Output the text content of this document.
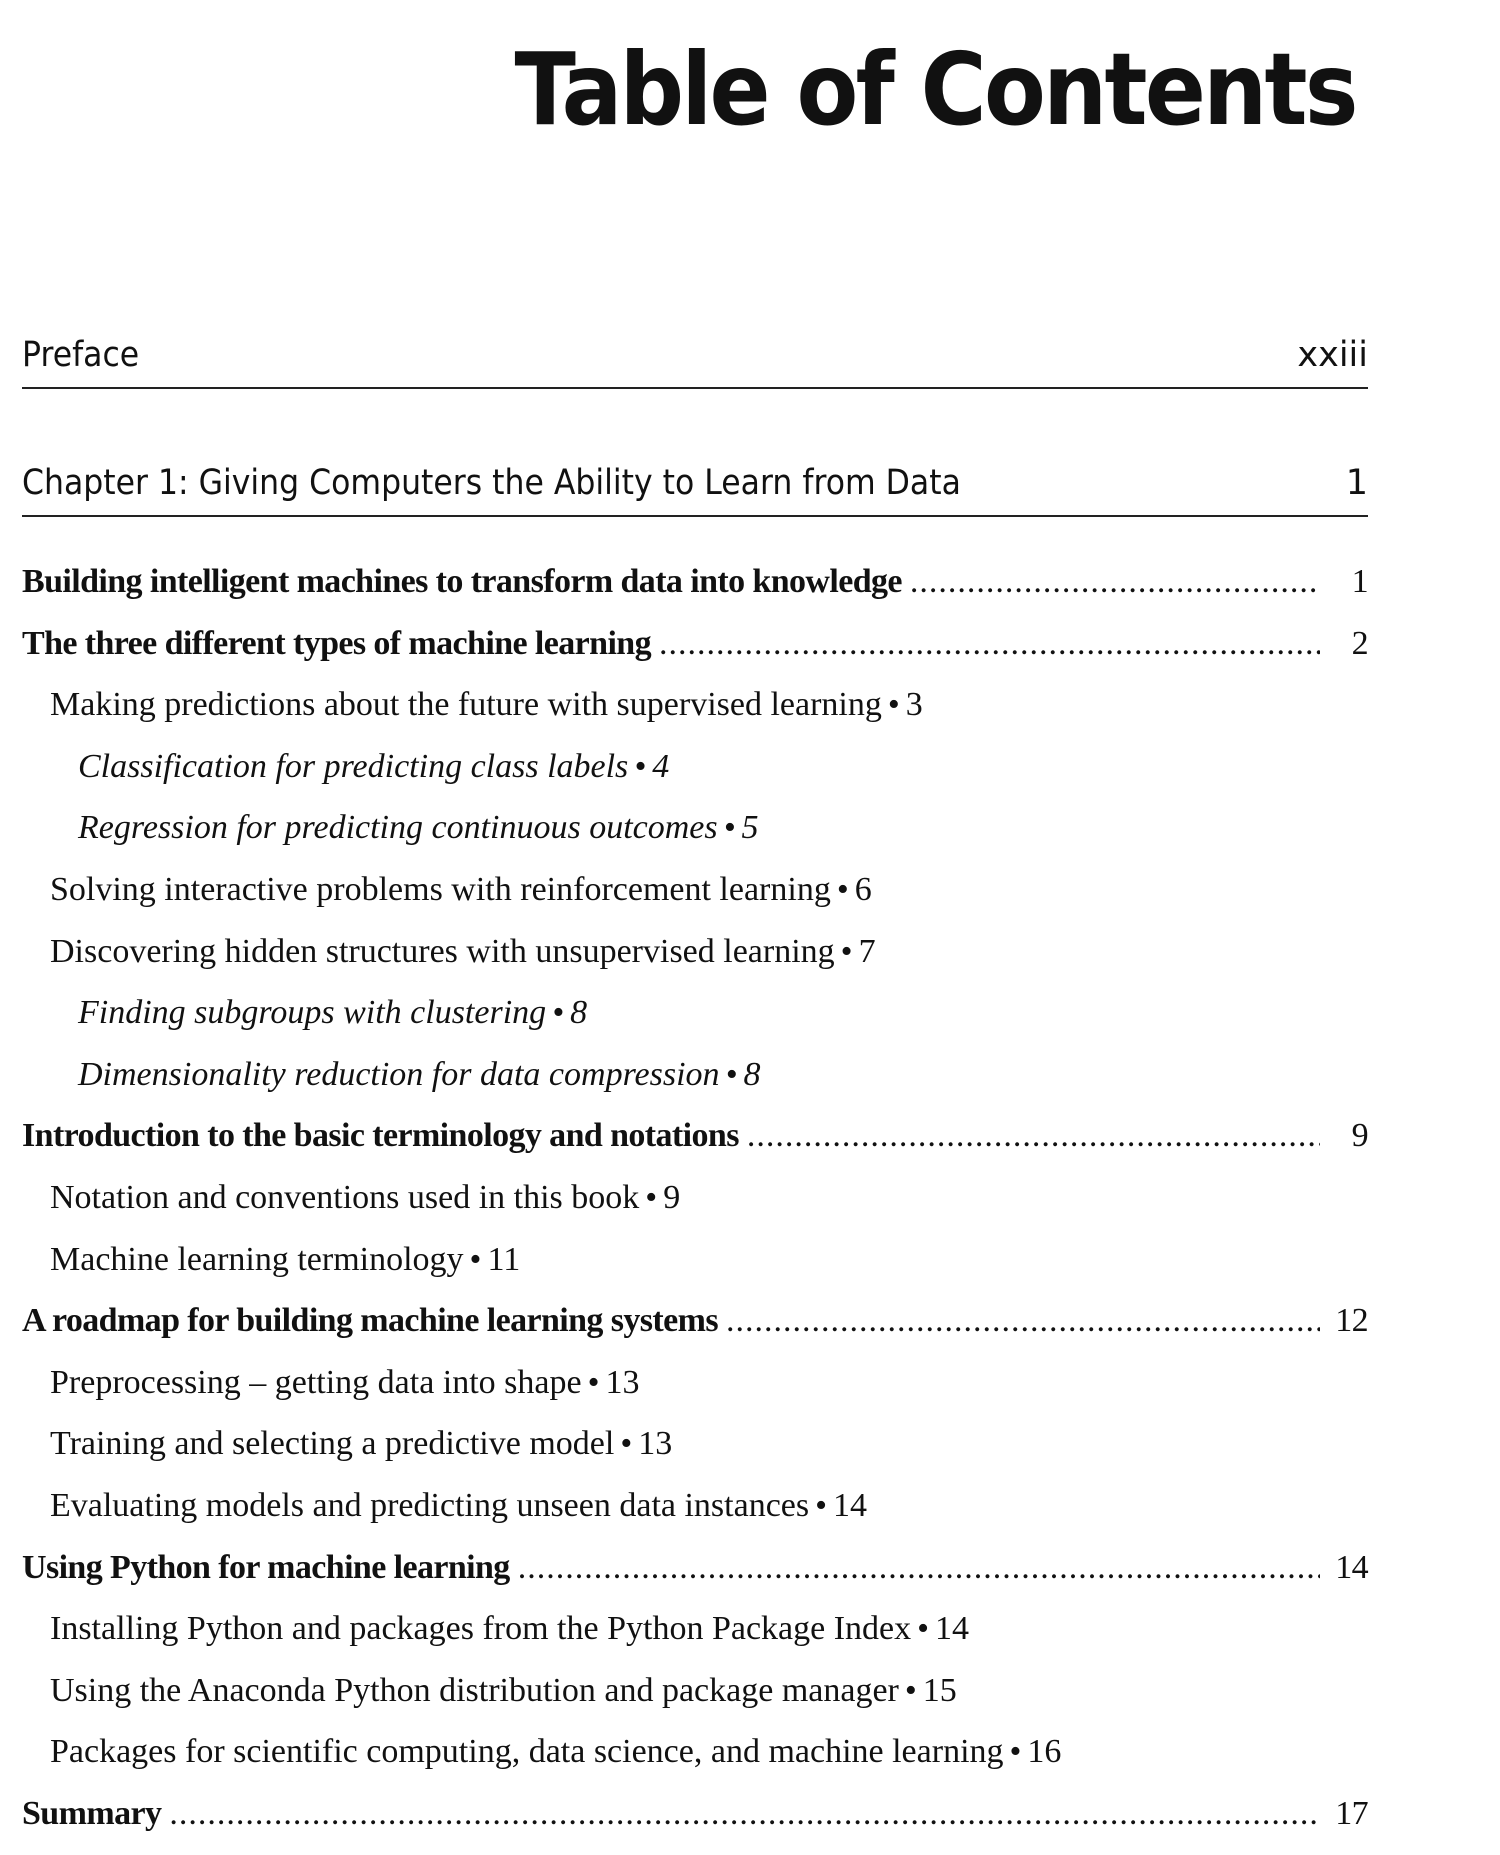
Table of Contents
Preface	xxiii
Chapter 1: Giving Computers the Ability to Learn from Data	1
Building intelligent machines to transform data into knowledge .....	1
The three different types of machine learning .....	2
Making predictions about the future with supervised learning • 3
Classification for predicting class labels • 4
Regression for predicting continuous outcomes • 5
Solving interactive problems with reinforcement learning • 6
Discovering hidden structures with unsupervised learning • 7
Finding subgroups with clustering • 8
Dimensionality reduction for data compression • 8
Introduction to the basic terminology and notations .....	9
Notation and conventions used in this book • 9
Machine learning terminology • 11
A roadmap for building machine learning systems .....	12
Preprocessing – getting data into shape • 13
Training and selecting a predictive model • 13
Evaluating models and predicting unseen data instances • 14
Using Python for machine learning .....	14
Installing Python and packages from the Python Package Index • 14
Using the Anaconda Python distribution and package manager • 15
Packages for scientific computing, data science, and machine learning • 16
Summary .....	17
